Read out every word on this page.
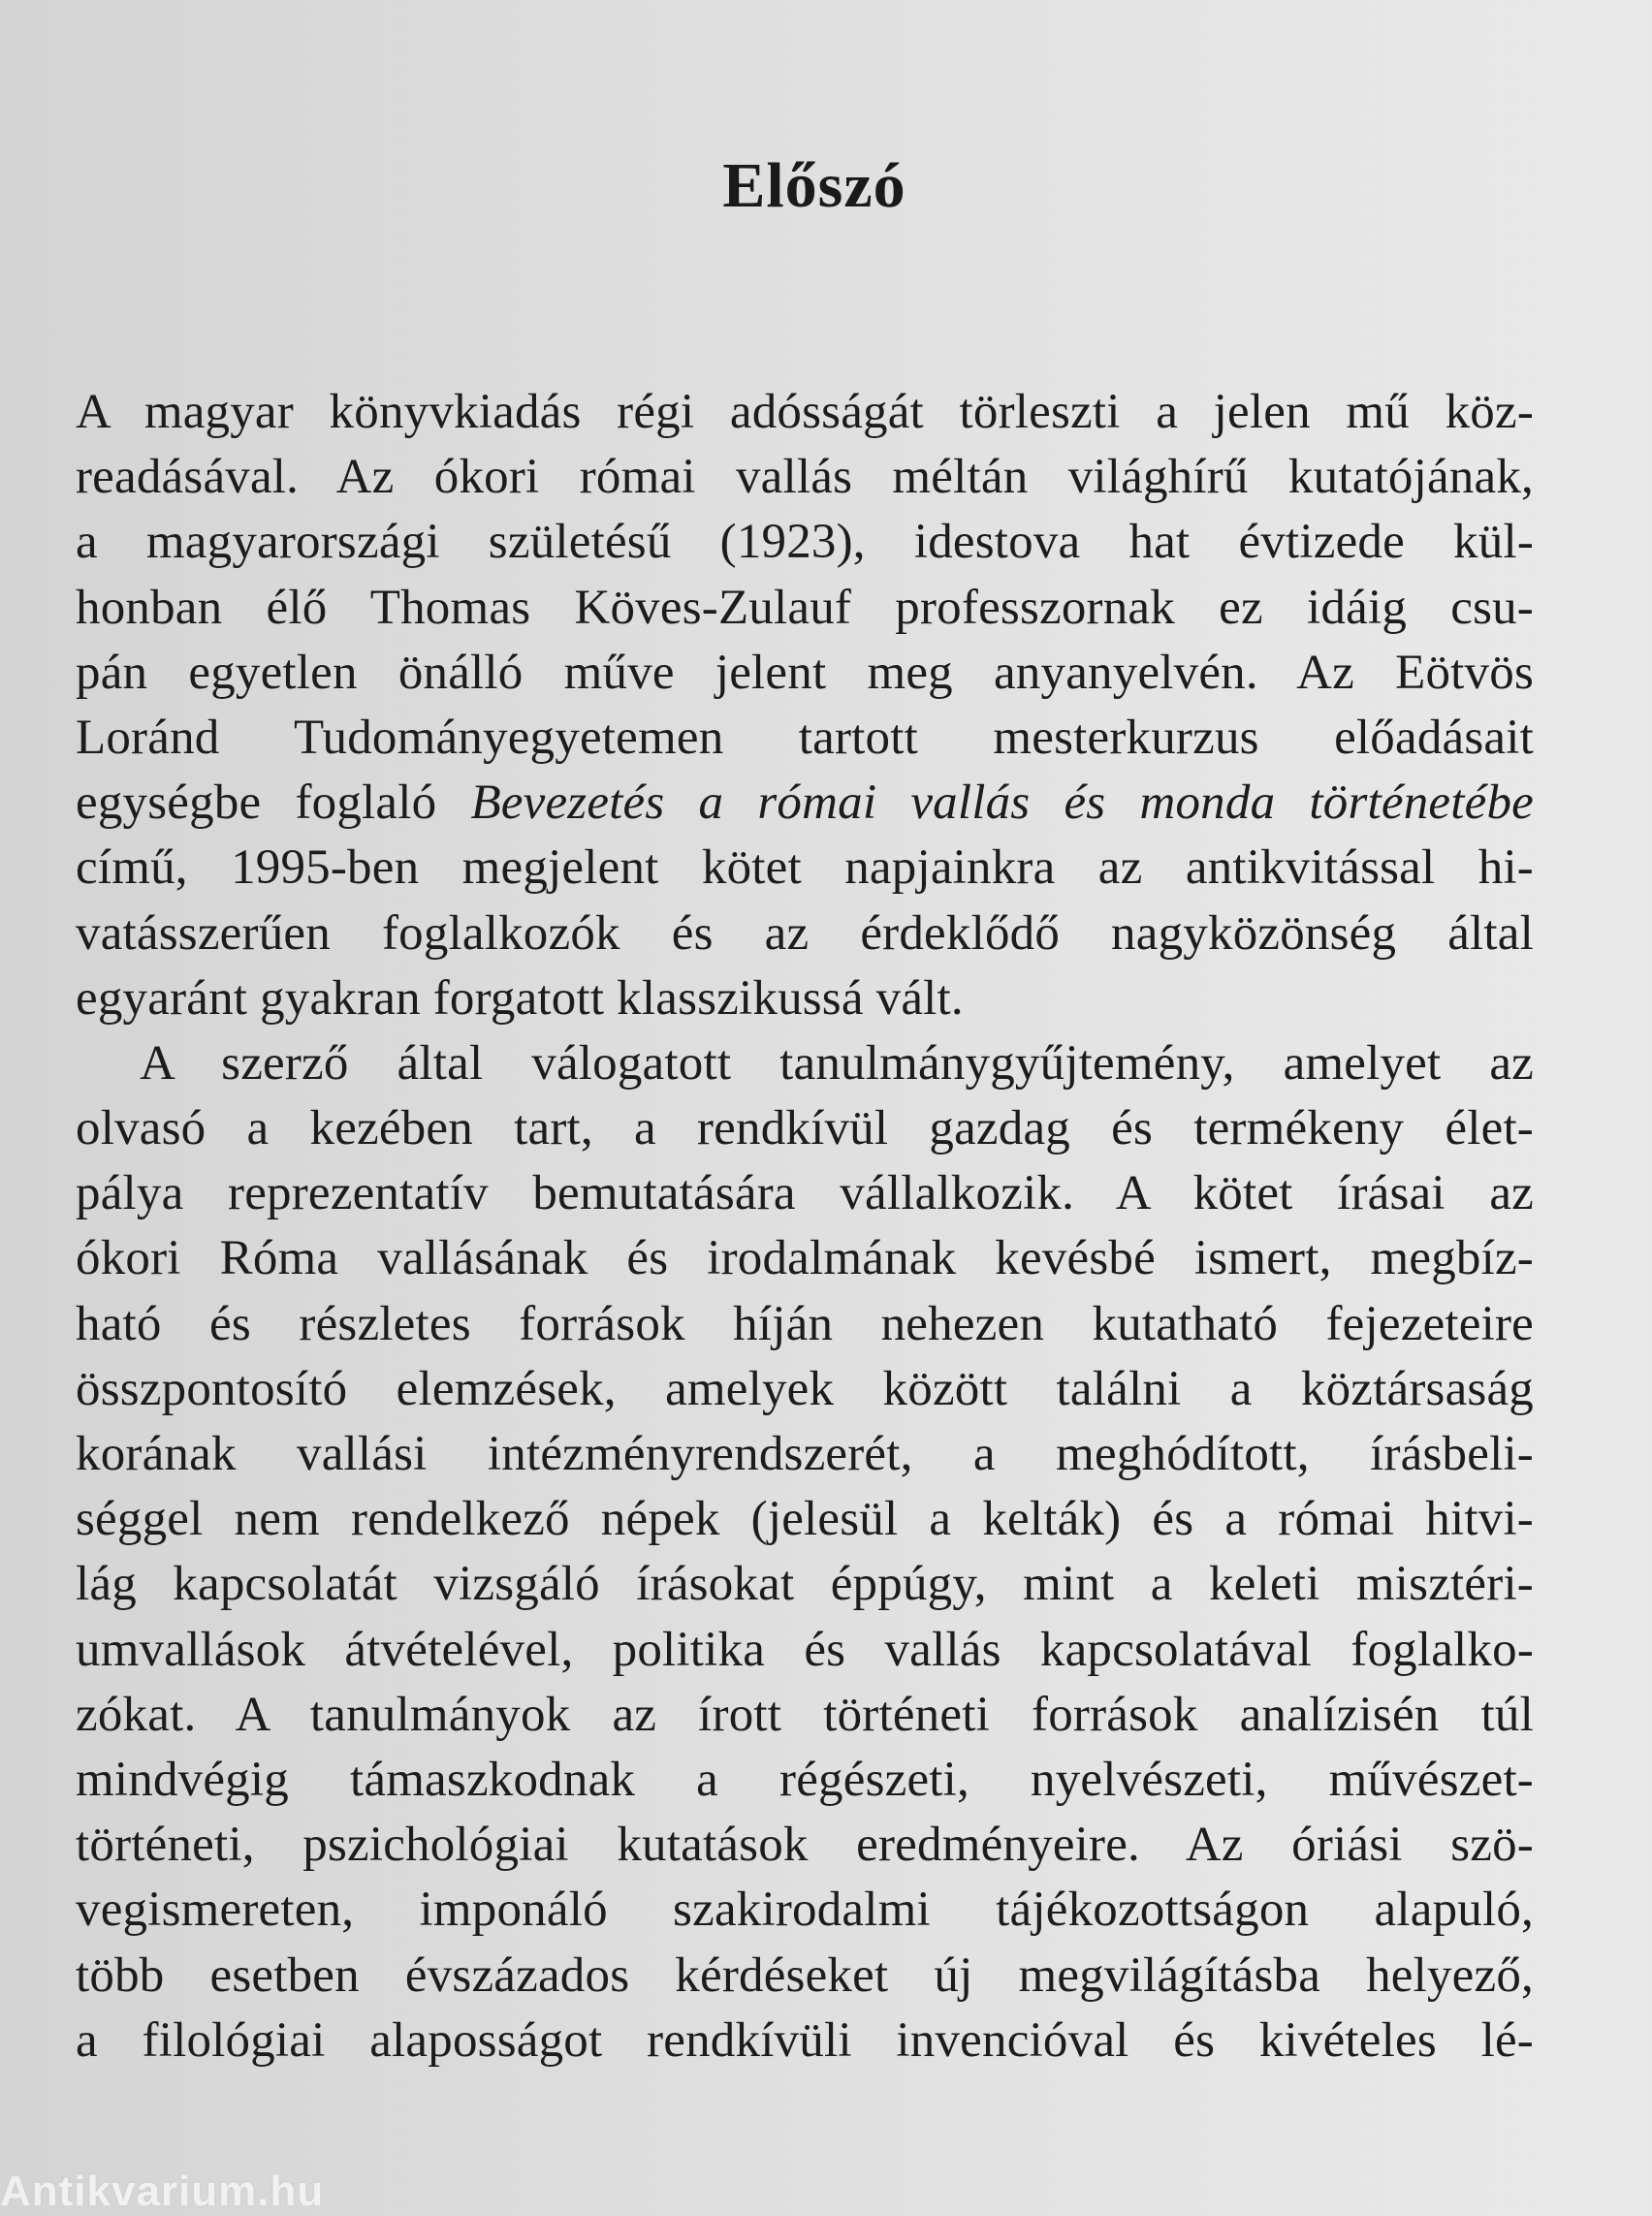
Előszó
A magyar könyvkiadás régi adósságát törleszti a jelen mű köz-
readásával. Az ókori római vallás méltán világhírű kutatójának,
a magyarországi születésű (1923), idestova hat évtizede kül-
honban élő Thomas Köves-Zulauf professzornak ez idáig csu-
pán egyetlen önálló műve jelent meg anyanyelvén. Az Eötvös
Loránd Tudományegyetemen tartott mesterkurzus előadásait
egységbe foglaló Bevezetés a római vallás és monda történetébe
című, 1995-ben megjelent kötet napjainkra az antikvitással hi-
vatásszerűen foglalkozók és az érdeklődő nagyközönség által
egyaránt gyakran forgatott klasszikussá vált.
A szerző által válogatott tanulmánygyűjtemény, amelyet az
olvasó a kezében tart, a rendkívül gazdag és termékeny élet-
pálya reprezentatív bemutatására vállalkozik. A kötet írásai az
ókori Róma vallásának és irodalmának kevésbé ismert, megbíz-
ható és részletes források híján nehezen kutatható fejezeteire
összpontosító elemzések, amelyek között találni a köztársaság
korának vallási intézményrendszerét, a meghódított, írásbeli-
séggel nem rendelkező népek (jelesül a kelták) és a római hitvi-
lág kapcsolatát vizsgáló írásokat éppúgy, mint a keleti misztéri-
umvallások átvételével, politika és vallás kapcsolatával foglalko-
zókat. A tanulmányok az írott történeti források analízisén túl
mindvégig támaszkodnak a régészeti, nyelvészeti, művészet-
történeti, pszichológiai kutatások eredményeire. Az óriási szö-
vegismereten, imponáló szakirodalmi tájékozottságon alapuló,
több esetben évszázados kérdéseket új megvilágításba helyező,
a filológiai alaposságot rendkívüli invencióval és kivételes lé-
Antikvarium.hu
